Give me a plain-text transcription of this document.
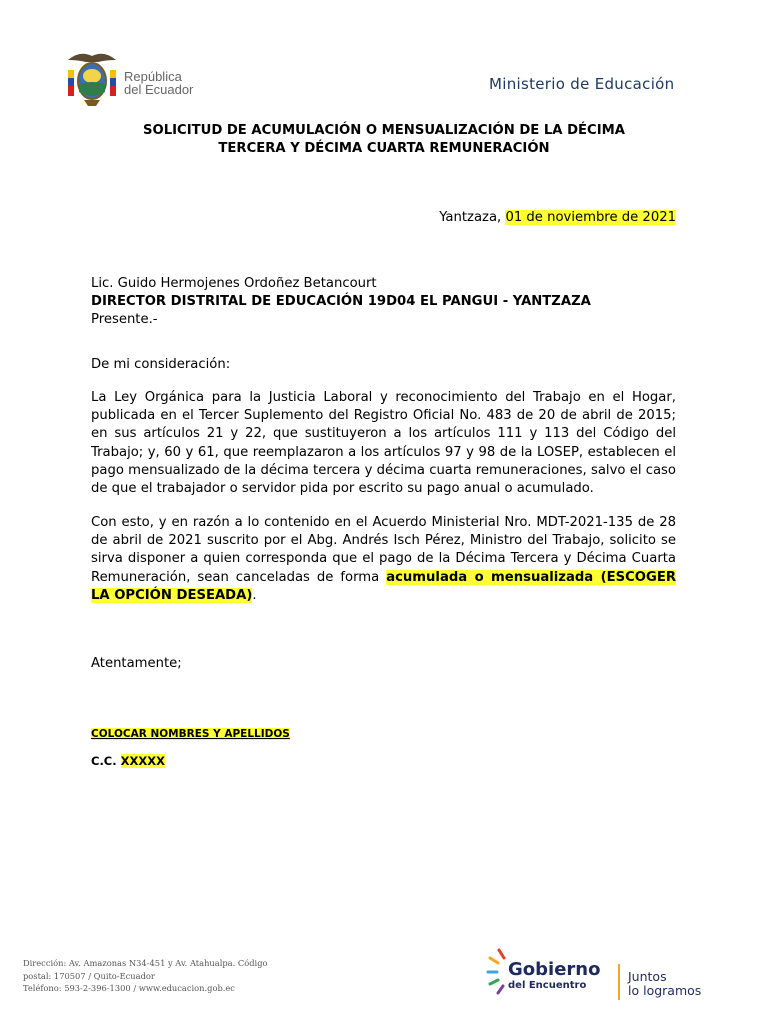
República
del Ecuador	Ministerio de Educación
SOLICITUD DE ACUMULACIÓN O MENSUALIZACIÓN DE LA DÉCIMA
TERCERA Y DÉCIMA CUARTA REMUNERACIÓN
Yantzaza, 01 de noviembre de 2021
Lic. Guido Hermojenes Ordoñez Betancourt
DIRECTOR DISTRITAL DE EDUCACIÓN 19D04 EL PANGUI - YANTZAZA
Presente.-
De mi consideración:
La Ley Orgánica para la Justicia Laboral y reconocimiento del Trabajo en el Hogar, publicada en el Tercer Suplemento del Registro Oficial No. 483 de 20 de abril de 2015; en sus artículos 21 y 22, que sustituyeron a los artículos 111 y 113 del Código del Trabajo; y, 60 y 61, que reemplazaron a los artículos 97 y 98 de la LOSEP, establecen el pago mensualizado de la décima tercera y décima cuarta remuneraciones, salvo el caso de que el trabajador o servidor pida por escrito su pago anual o acumulado.
Con esto, y en razón a lo contenido en el Acuerdo Ministerial Nro. MDT-2021-135 de 28 de abril de 2021 suscrito por el Abg. Andrés Isch Pérez, Ministro del Trabajo, solicito se sirva disponer a quien corresponda que el pago de la Décima Tercera y Décima Cuarta Remuneración, sean canceladas de forma acumulada o mensualizada (ESCOGER LA OPCIÓN DESEADA).
Atentamente;
COLOCAR NOMBRES Y APELLIDOS
C.C. XXXXX
Dirección: Av. Amazonas N34-451 y Av. Atahualpa. Código
postal: 170507 / Quito-Ecuador
Teléfono: 593-2-396-1300 / www.educacion.gob.ec
Gobierno
del Encuentro
Juntos
lo logramos
